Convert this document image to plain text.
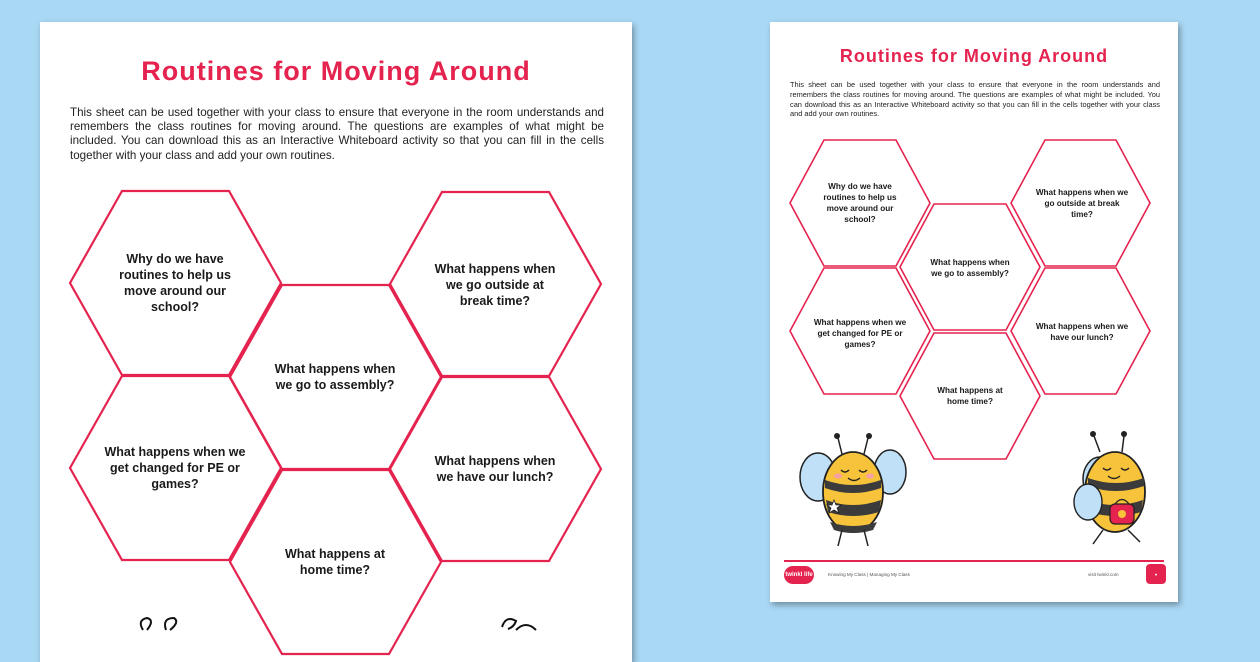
Routines for Moving Around
This sheet can be used together with your class to ensure that everyone in the room understands and remembers the class routines for moving around. The questions are examples of what might be included. You can download this as an Interactive Whiteboard activity so that you can fill in the cells together with your class and add your own routines.
Why do we have routines to help us move around our school?
What happens when we go outside at break time?
What happens when we go to assembly?
What happens when we get changed for PE or games?
What happens when we have our lunch?
What happens at home time?
Routines for Moving Around
This sheet can be used together with your class to ensure that everyone in the room understands and remembers the class routines for moving around. The questions are examples of what might be included. You can download this as an Interactive Whiteboard activity so that you can fill in the cells together with your class and add your own routines.
Why do we have routines to help us move around our school?
What happens when we go outside at break time?
What happens when we go to assembly?
What happens when we get changed for PE or games?
What happens when we have our lunch?
What happens at home time?
twinkl life	Knowing My Class | Managing My Class	visit twinkl.com	♥
